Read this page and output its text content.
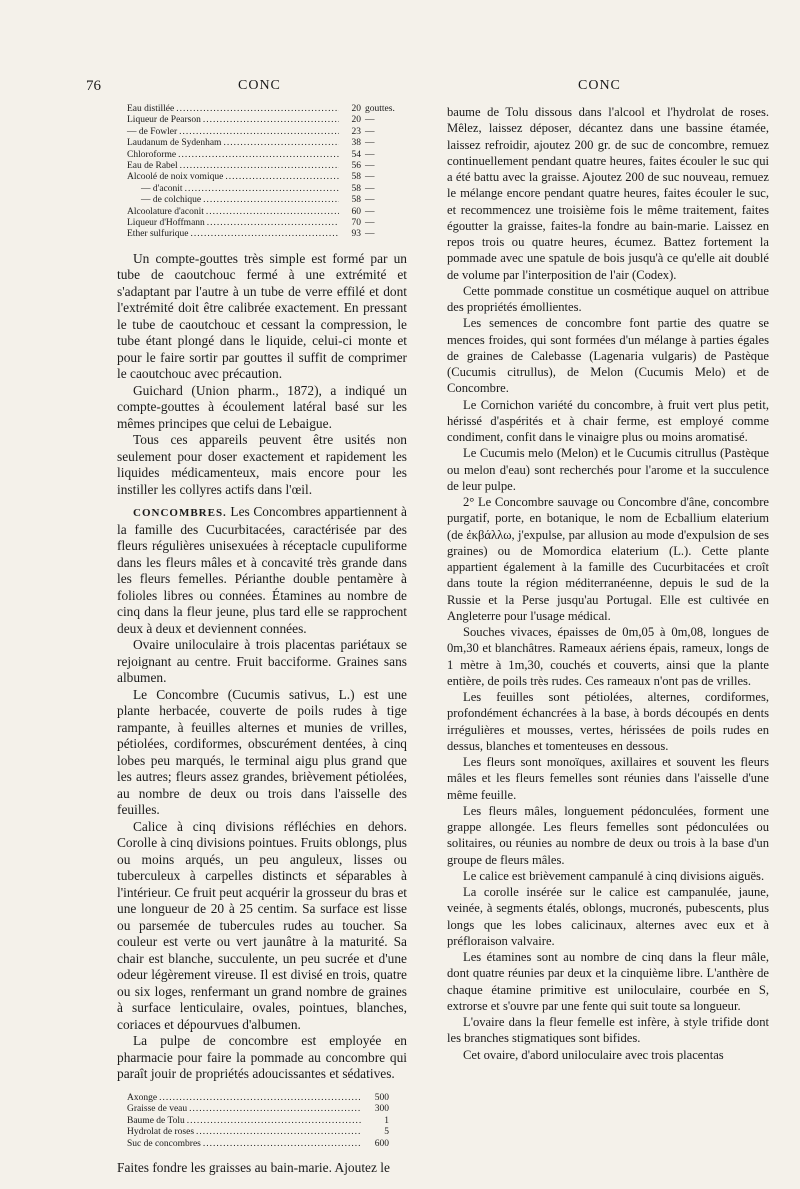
76	CONC	CONC
Eau distillée .....	20 gouttes.
Liqueur de Pearson .....	20 —
— de Fowler .....	23 —
Laudanum de Sydenham .....	38 —
Chloroforme .....	54 —
Eau de Rabel .....	56 —
Alcoolé de noix vomique .....	58 —
— d'aconit .....	58 —
— de colchique .....	58 —
Alcoolature d'aconit .....	60 —
Liqueur d'Hoffmann .....	70 —
Ether sulfurique .....	93 —

Un compte-gouttes très simple est formé par un tube de caoutchouc fermé à une extrémité et s'adaptant par l'autre à un tube de verre effilé et dont l'extrémité doit être calibrée exactement. En pressant le tube de caoutchouc et cessant la compression, le tube étant plongé dans le liquide, celui-ci monte et pour le faire sortir par gouttes il suffit de comprimer le caoutchouc avec précaution.

Guichard (Union pharm., 1872), a indiqué un compte-gouttes à écoulement latéral basé sur les mêmes principes que celui de Lebaigue.

Tous ces appareils peuvent être usités non seulement pour doser exactement et rapidement les liquides médicamenteux, mais encore pour les instiller les collyres actifs dans l'œil.

CONCOMBRES. Les Concombres appartiennent à la famille des Cucurbitacées, caractérisée par des fleurs régulières unisexuées à réceptacle cupuliforme dans les fleurs mâles et à concavité très grande dans les fleurs femelles. Périanthe double pentamère à folioles libres ou connées. Étamines au nombre de cinq dans la fleur jeune, plus tard elle se rapprochent deux à deux et deviennent connées.

Ovaire uniloculaire à trois placentas pariétaux se rejoignant au centre. Fruit bacciforme. Graines sans albumen.

Le Concombre (Cucumis sativus, L.) est une plante herbacée, couverte de poils rudes à tige rampante, à feuilles alternes et munies de vrilles, pétiolées, cordiformes, obscurément dentées, à cinq lobes peu marqués, le terminal aigu plus grand que les autres; fleurs assez grandes, brièvement pétiolées, au nombre de deux ou trois dans l'aisselle des feuilles.

Calice à cinq divisions réfléchies en dehors. Corolle à cinq divisions pointues. Fruits oblongs, plus ou moins arqués, un peu anguleux, lisses ou tuberculeux à carpelles distincts et séparables à l'intérieur. Ce fruit peut acquérir la grosseur du bras et une longueur de 20 à 25 centim. Sa surface est lisse ou parsemée de tubercules rudes au toucher. Sa couleur est verte ou vert jaunâtre à la maturité. Sa chair est blanche, succulente, un peu sucrée et d'une odeur légèrement vireuse. Il est divisé en trois, quatre ou six loges, renfermant un grand nombre de graines à surface lenticulaire, ovales, pointues, blanches, coriaces et dépourvues d'albumen.

La pulpe de concombre est employée en pharmacie pour faire la pommade au concombre qui paraît jouir de propriétés adoucissantes et sédatives.

Axonge .....	500
Graisse de veau .....	300
Baume de Tolu .....	1
Hydrolat de roses .....	5
Suc de concombres .....	600

Faites fondre les graisses au bain-marie. Ajoutez le

baume de Tolu dissous dans l'alcool et l'hydrolat de roses. Mêlez, laissez déposer, décantez dans une bassine étamée, laissez refroidir, ajoutez 200 gr. de suc de concombre, remuez continuellement pendant quatre heures, faites écouler le suc qui a été battu avec la graisse. Ajoutez 200 de suc nouveau, remuez le mélange encore pendant quatre heures, faites écouler le suc, et recommencez une troisième fois le même traitement, faites égoutter la graisse, faites-la fondre au bain-marie. Laissez en repos trois ou quatre heures, écumez. Battez fortement la pommade avec une spatule de bois jusqu'à ce qu'elle ait doublé de volume par l'interposition de l'air (Codex).

Cette pommade constitue un cosmétique auquel on attribue des propriétés émollientes.

Les semences de concombre font partie des quatre se mences froides, qui sont formées d'un mélange à parties égales de graines de Calebasse (Lagenaria vulgaris) de Pastèque (Cucumis citrullus), de Melon (Cucumis Melo) et de Concombre.

Le Cornichon variété du concombre, à fruit vert plus petit, hérissé d'aspérités et à chair ferme, est employé comme condiment, confit dans le vinaigre plus ou moins aromatisé.

Le Cucumis melo (Melon) et le Cucumis citrullus (Pastèque ou melon d'eau) sont recherchés pour l'arome et la succulence de leur pulpe.

2° Le Concombre sauvage ou Concombre d'âne, concombre purgatif, porte, en botanique, le nom de Ecballium elaterium (de ἐκβάλλω, j'expulse, par allusion au mode d'expulsion de ses graines) ou de Momordica elaterium (L.). Cette plante appartient également à la famille des Cucurbitacées et croît dans toute la région méditerranéenne, depuis le sud de la Russie et la Perse jusqu'au Portugal. Elle est cultivée en Angleterre pour l'usage médical.

Souches vivaces, épaisses de 0m,05 à 0m,08, longues de 0m,30 et blanchâtres. Rameaux aériens épais, rameux, longs de 1 mètre à 1m,30, couchés et couverts, ainsi que la plante entière, de poils très rudes. Ces rameaux n'ont pas de vrilles.

Les feuilles sont pétiolées, alternes, cordiformes, profondément échancrées à la base, à bords découpés en dents irrégulières et mousses, vertes, hérissées de poils rudes en dessus, blanches et tomenteuses en dessous.

Les fleurs sont monoïques, axillaires et souvent les fleurs mâles et les fleurs femelles sont réunies dans l'aisselle d'une même feuille.

Les fleurs mâles, longuement pédonculées, forment une grappe allongée. Les fleurs femelles sont pédonculées ou solitaires, ou réunies au nombre de deux ou trois à la base d'un groupe de fleurs mâles.

Le calice est brièvement campanulé à cinq divisions aiguës.

La corolle insérée sur le calice est campanulée, jaune, veinée, à segments étalés, oblongs, mucronés, pubescents, plus longs que les lobes calicinaux, alternes avec eux et à préfloraison valvaire.

Les étamines sont au nombre de cinq dans la fleur mâle, dont quatre réunies par deux et la cinquième libre. L'anthère de chaque étamine primitive est uniloculaire, courbée en S, extrorse et s'ouvre par une fente qui suit toute sa longueur.

L'ovaire dans la fleur femelle est infère, à style trifide dont les branches stigmatiques sont bifides.

Cet ovaire, d'abord uniloculaire avec trois placentas
